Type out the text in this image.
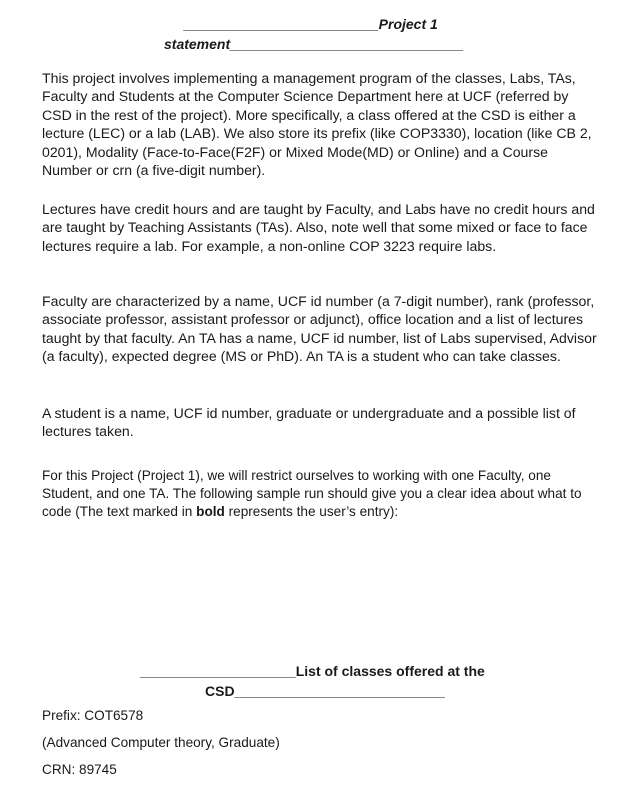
_________________________Project 1
statement______________________________

This project involves implementing a management program of the classes, Labs, TAs, Faculty and Students at the Computer Science Department here at UCF (referred by CSD in the rest of the project). More specifically, a class offered at the CSD is either a lecture (LEC) or a lab (LAB). We also store its prefix (like COP3330), location (like CB 2, 0201), Modality (Face-to-Face(F2F) or Mixed Mode(MD) or Online) and a Course Number or crn (a five-digit number).

Lectures have credit hours and are taught by Faculty, and Labs have no credit hours and are taught by Teaching Assistants (TAs). Also, note well that some mixed or face to face lectures require a lab. For example, a non-online COP 3223 require labs.

Faculty are characterized by a name, UCF id number (a 7-digit number), rank (professor, associate professor, assistant professor or adjunct), office location and a list of lectures taught by that faculty. An TA has a name, UCF id number, list of Labs supervised, Advisor (a faculty), expected degree (MS or PhD). An TA is a student who can take classes.

A student is a name, UCF id number, graduate or undergraduate and a possible list of lectures taken.

For this Project (Project 1), we will restrict ourselves to working with one Faculty, one Student, and one TA. The following sample run should give you a clear idea about what to code (The text marked in bold represents the user’s entry):

____________________List of classes offered at the
CSD___________________________
Prefix: COT6578
(Advanced Computer theory, Graduate)
CRN: 89745
